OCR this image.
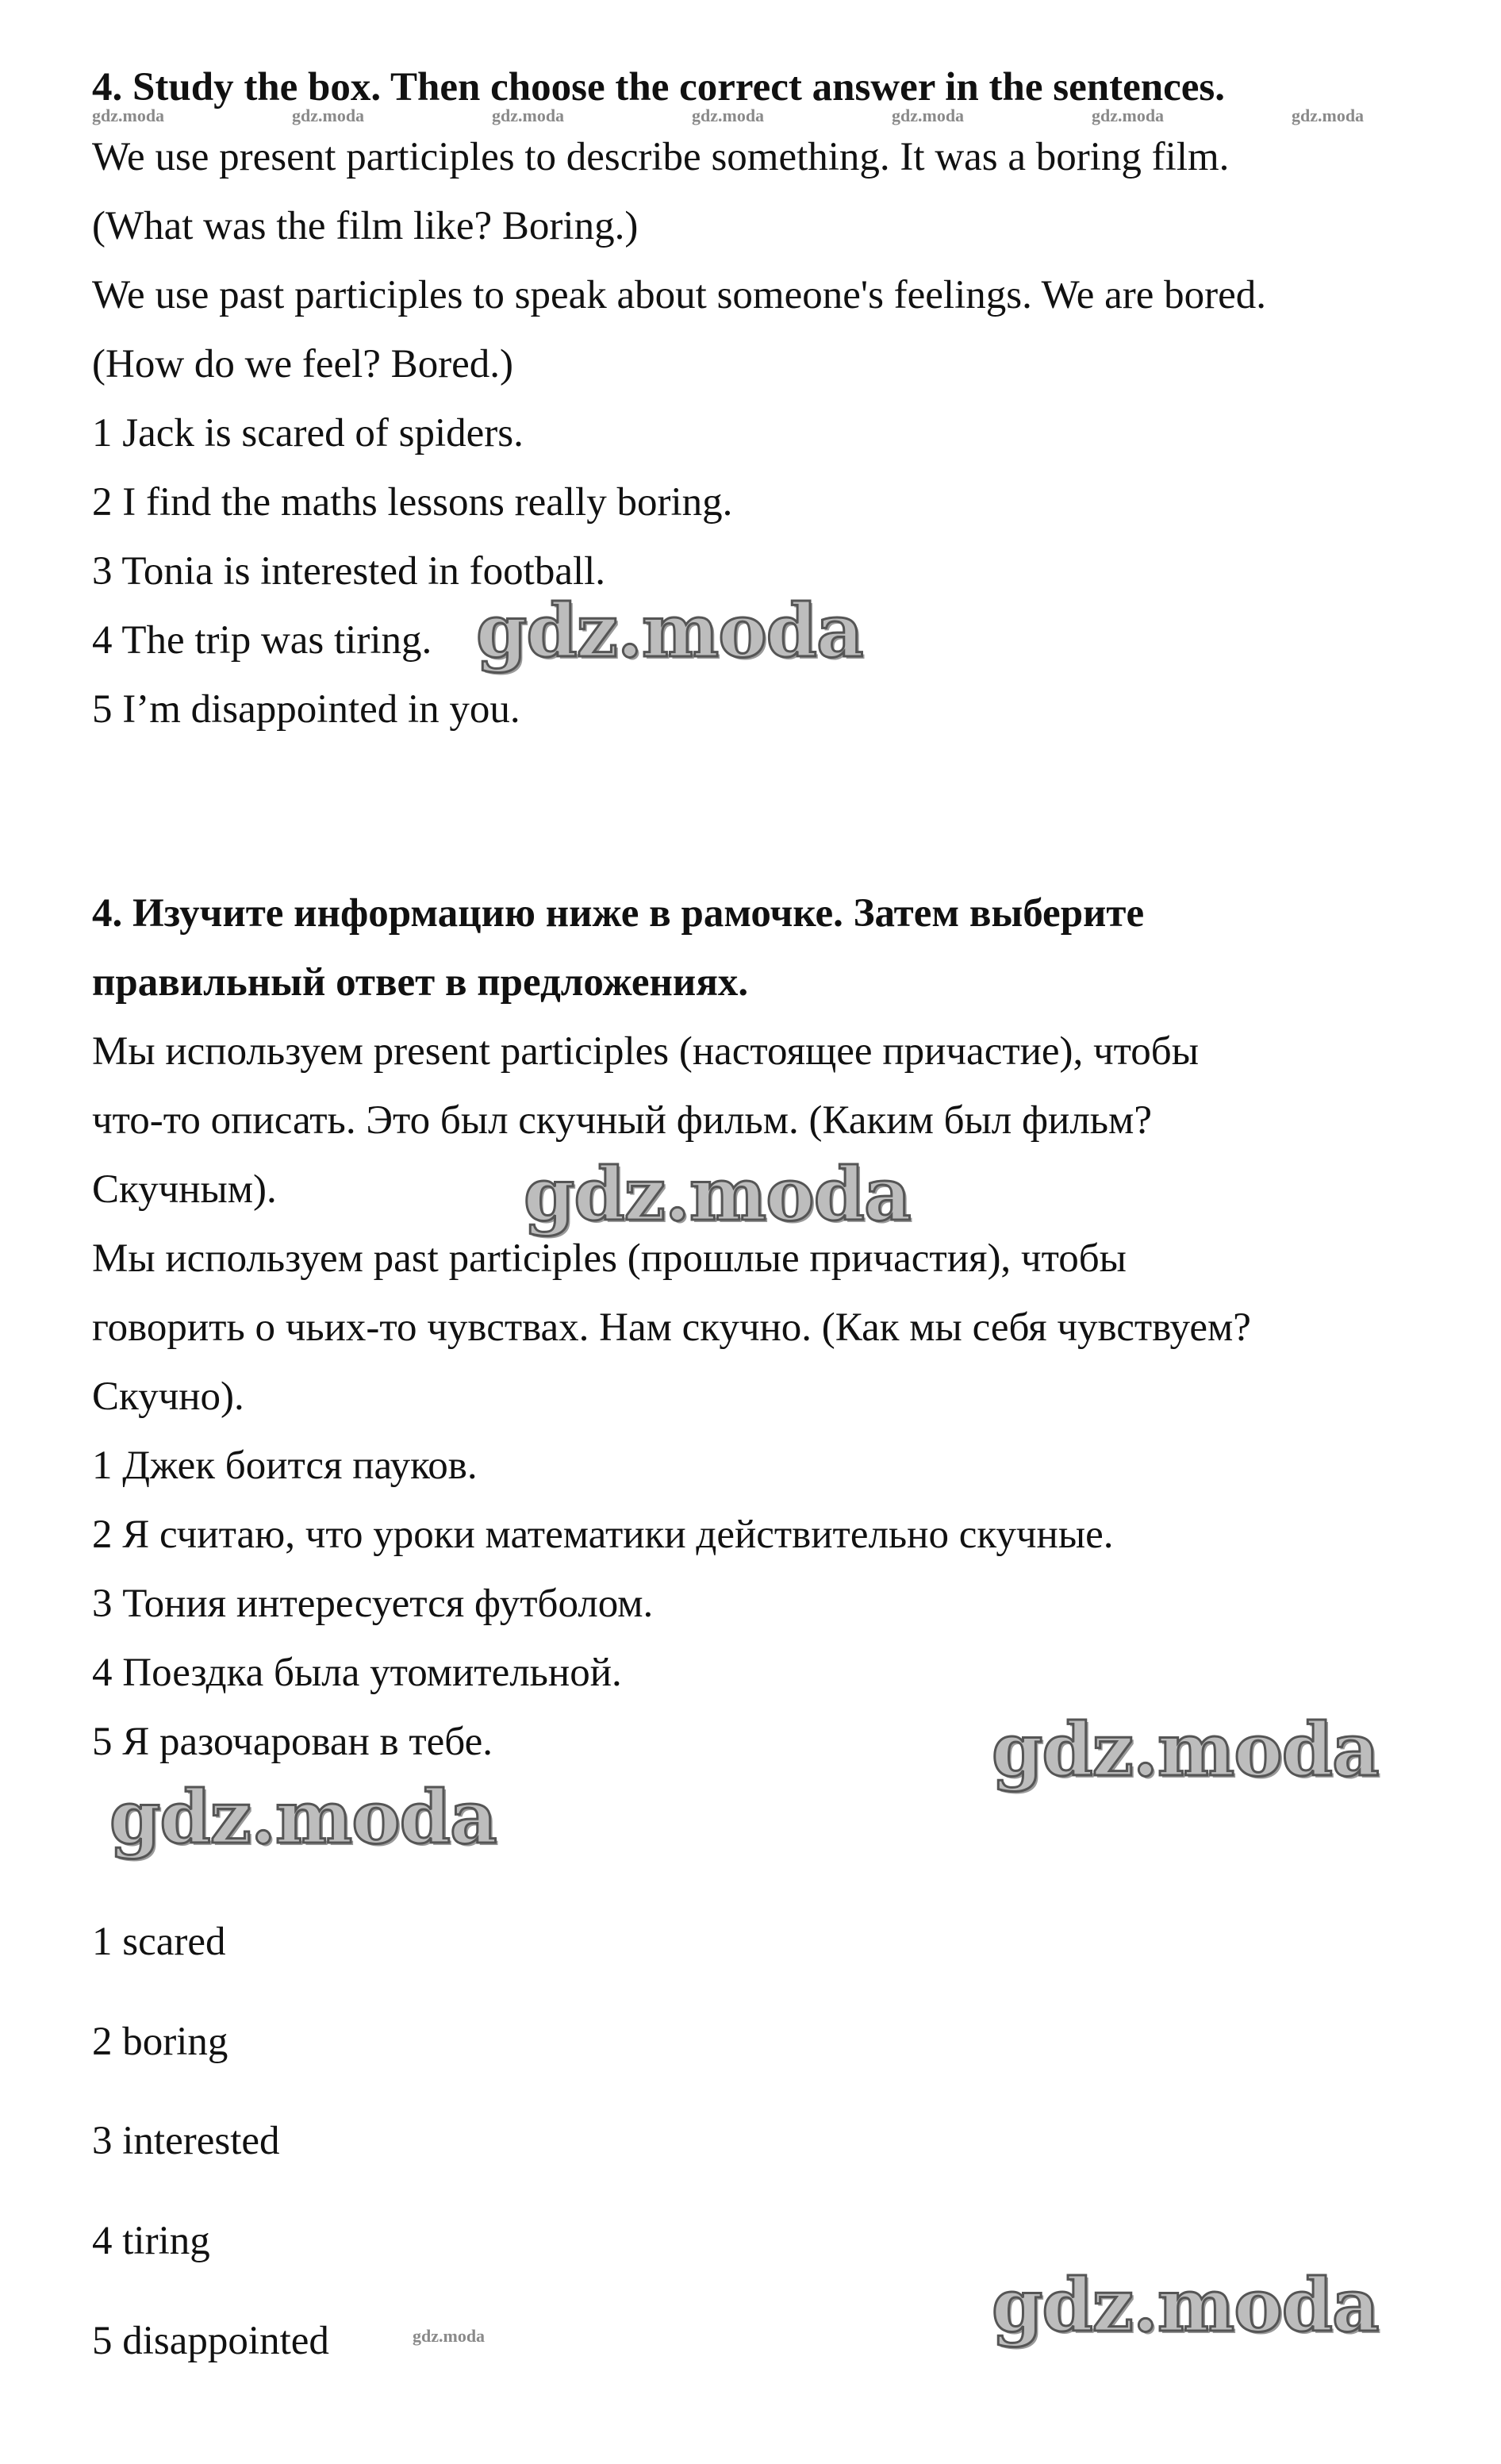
4. Study the box. Then choose the correct answer in the sentences.
We use present participles to describe something. It was a boring film.
(What was the film like? Boring.)
We use past participles to speak about someone's feelings. We are bored.
(How do we feel? Bored.)
1 Jack is scared of spiders.
2 I find the maths lessons really boring.
3 Tonia is interested in football.
4 The trip was tiring.
5 I’m disappointed in you.
4. Изучите информацию ниже в рамочке. Затем выберите
правильный ответ в предложениях.
Мы используем present participles (настоящее причастие), чтобы
что-то описать. Это был скучный фильм. (Каким был фильм?
Скучным).
Мы используем past participles (прошлые причастия), чтобы
говорить о чьих-то чувствах. Нам скучно. (Как мы себя чувствуем?
Скучно).
1 Джек боится пауков.
2 Я считаю, что уроки математики действительно скучные.
3 Тония интересуется футболом.
4 Поездка была утомительной.
5 Я разочарован в тебе.
1 scared
2 boring
3 interested
4 tiring
5 disappointed
gdz.moda	gdz.moda	gdz.moda	gdz.moda	gdz.moda	gdz.moda	gdz.moda
gdz.moda
gdz.moda
gdz.moda
gdz.moda
gdz.moda
gdz.moda
